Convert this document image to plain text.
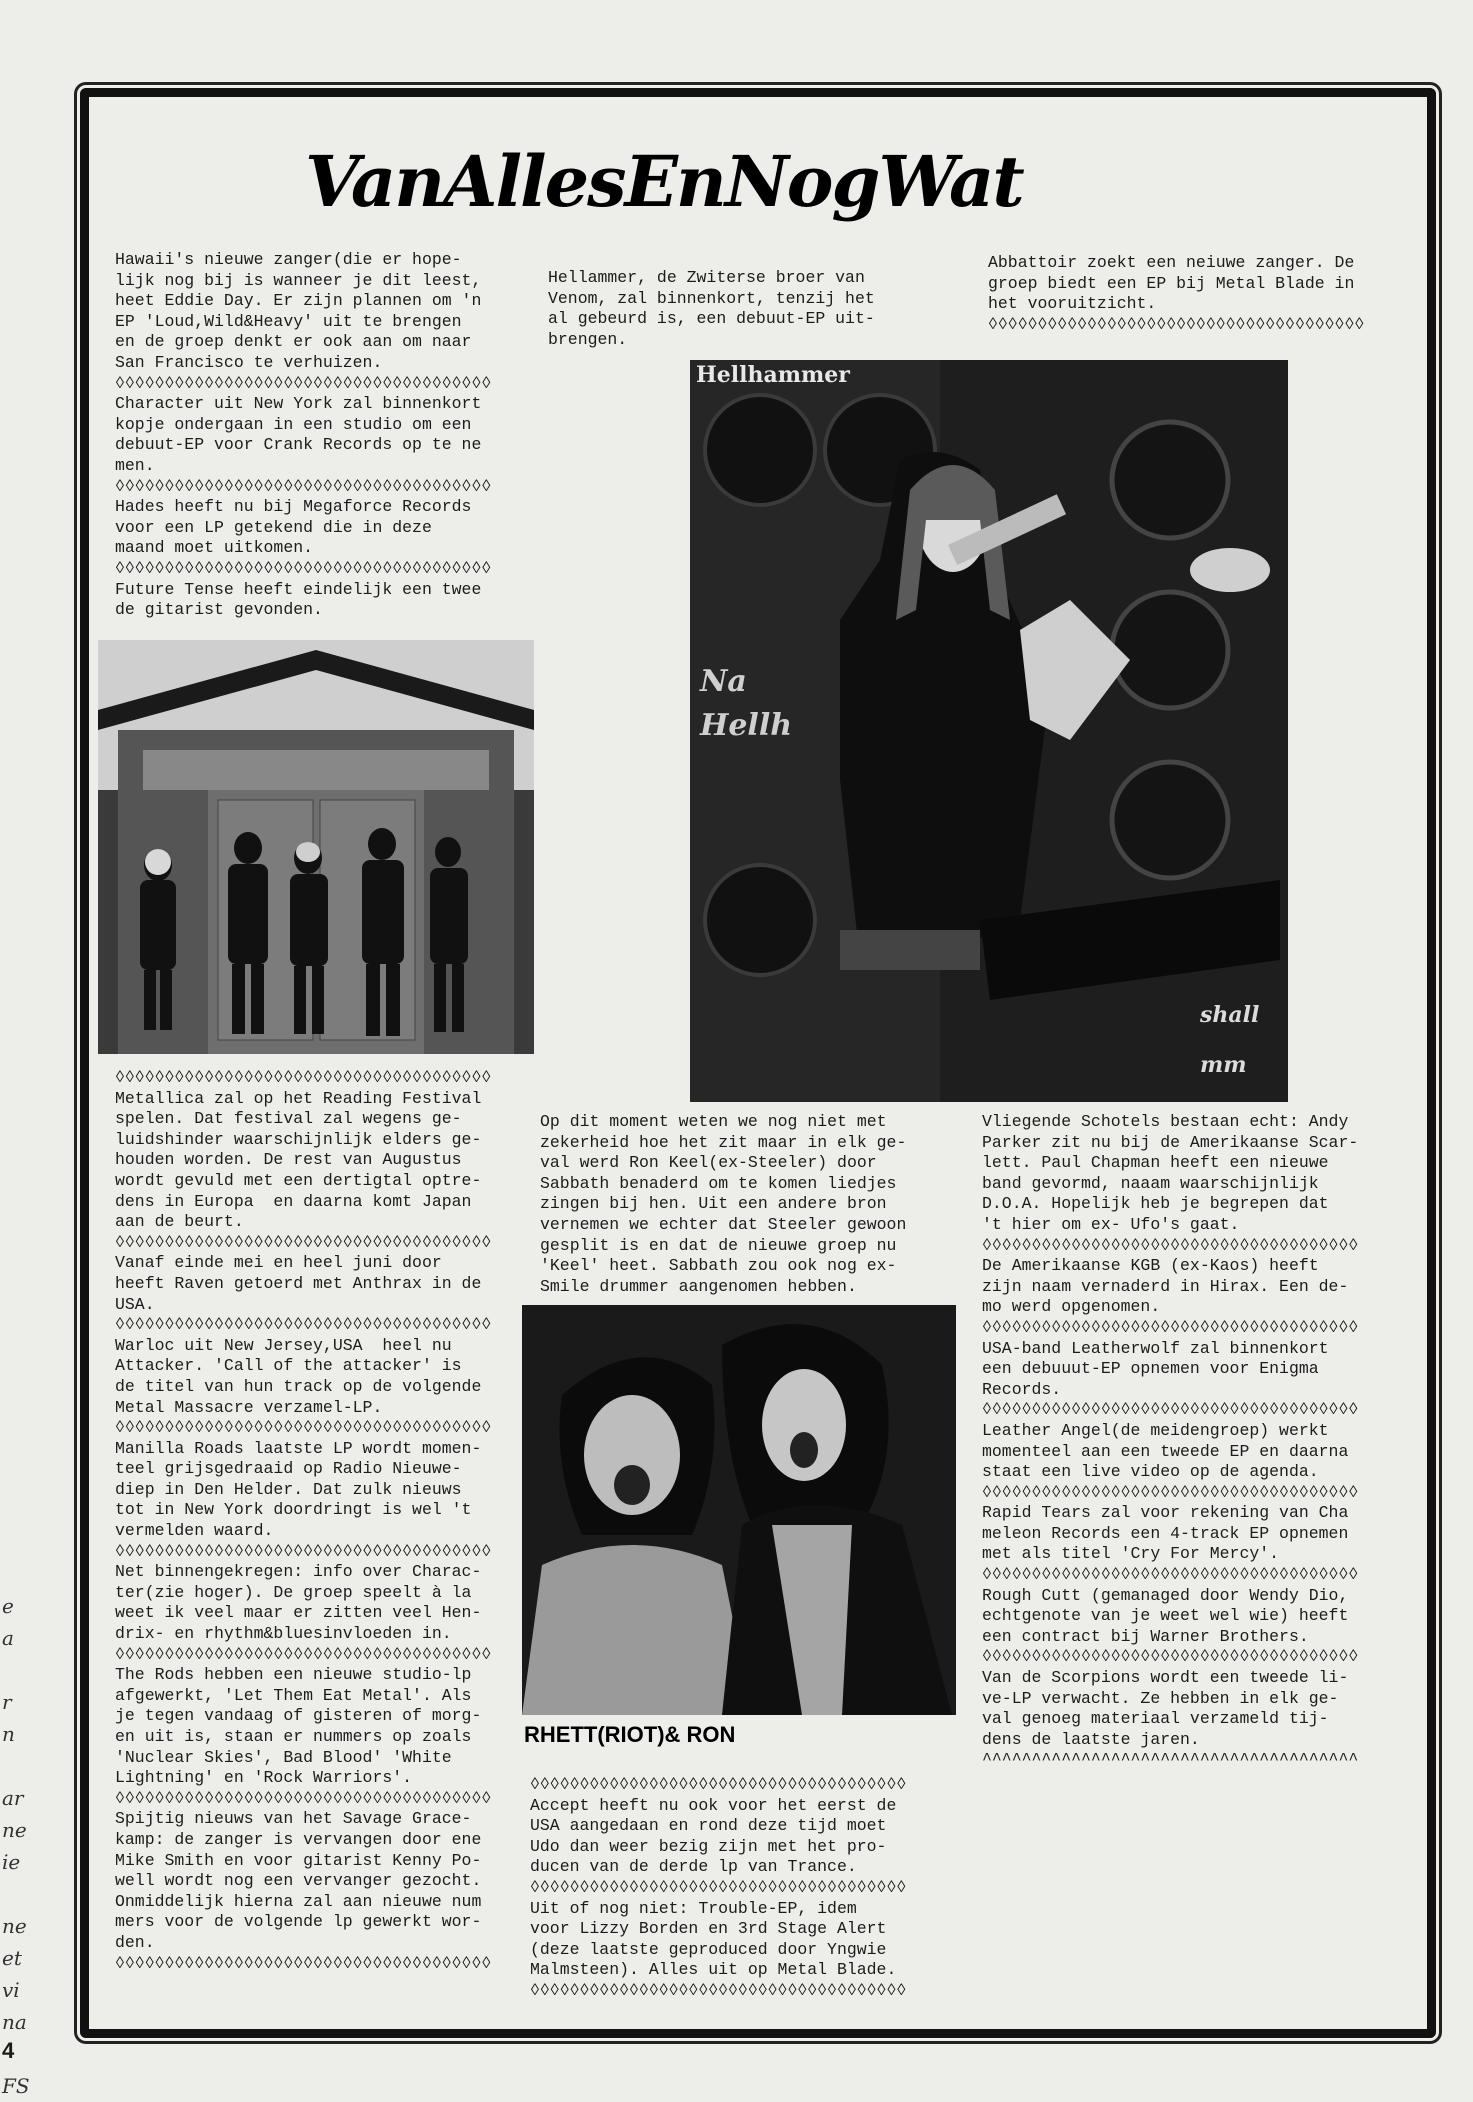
VanAllesEnNogWat
Hawaii's nieuwe zanger(die er hope-
lijk nog bij is wanneer je dit leest,
heet Eddie Day. Er zijn plannen om 'n
EP 'Loud,Wild&Heavy' uit te brengen
en de groep denkt er ook aan om naar
San Francisco te verhuizen.
◊◊◊◊◊◊◊◊◊◊◊◊◊◊◊◊◊◊◊◊◊◊◊◊◊◊◊◊◊◊◊◊◊◊◊◊◊◊
Character uit New York zal binnenkort
kopje ondergaan in een studio om een
debuut-EP voor Crank Records op te ne
men.
◊◊◊◊◊◊◊◊◊◊◊◊◊◊◊◊◊◊◊◊◊◊◊◊◊◊◊◊◊◊◊◊◊◊◊◊◊◊
Hades heeft nu bij Megaforce Records
voor een LP getekend die in deze
maand moet uitkomen.
◊◊◊◊◊◊◊◊◊◊◊◊◊◊◊◊◊◊◊◊◊◊◊◊◊◊◊◊◊◊◊◊◊◊◊◊◊◊
Future Tense heeft eindelijk een twee
de gitarist gevonden.
◊◊◊◊◊◊◊◊◊◊◊◊◊◊◊◊◊◊◊◊◊◊◊◊◊◊◊◊◊◊◊◊◊◊◊◊◊◊
Metallica zal op het Reading Festival
spelen. Dat festival zal wegens ge-
luidshinder waarschijnlijk elders ge-
houden worden. De rest van Augustus
wordt gevuld met een dertigtal optre-
dens in Europa  en daarna komt Japan
aan de beurt.
◊◊◊◊◊◊◊◊◊◊◊◊◊◊◊◊◊◊◊◊◊◊◊◊◊◊◊◊◊◊◊◊◊◊◊◊◊◊
Vanaf einde mei en heel juni door
heeft Raven getoerd met Anthrax in de
USA.
◊◊◊◊◊◊◊◊◊◊◊◊◊◊◊◊◊◊◊◊◊◊◊◊◊◊◊◊◊◊◊◊◊◊◊◊◊◊
Warloc uit New Jersey,USA  heel nu
Attacker. 'Call of the attacker' is
de titel van hun track op de volgende
Metal Massacre verzamel-LP.
◊◊◊◊◊◊◊◊◊◊◊◊◊◊◊◊◊◊◊◊◊◊◊◊◊◊◊◊◊◊◊◊◊◊◊◊◊◊
Manilla Roads laatste LP wordt momen-
teel grijsgedraaid op Radio Nieuwe-
diep in Den Helder. Dat zulk nieuws
tot in New York doordringt is wel 't
vermelden waard.
◊◊◊◊◊◊◊◊◊◊◊◊◊◊◊◊◊◊◊◊◊◊◊◊◊◊◊◊◊◊◊◊◊◊◊◊◊◊
Net binnengekregen: info over Charac-
ter(zie hoger). De groep speelt à la
weet ik veel maar er zitten veel Hen-
drix- en rhythm&bluesinvloeden in.
◊◊◊◊◊◊◊◊◊◊◊◊◊◊◊◊◊◊◊◊◊◊◊◊◊◊◊◊◊◊◊◊◊◊◊◊◊◊
The Rods hebben een nieuwe studio-lp
afgewerkt, 'Let Them Eat Metal'. Als
je tegen vandaag of gisteren of morg-
en uit is, staan er nummers op zoals
'Nuclear Skies', Bad Blood' 'White
Lightning' en 'Rock Warriors'.
◊◊◊◊◊◊◊◊◊◊◊◊◊◊◊◊◊◊◊◊◊◊◊◊◊◊◊◊◊◊◊◊◊◊◊◊◊◊
Spijtig nieuws van het Savage Grace-
kamp: de zanger is vervangen door ene
Mike Smith en voor gitarist Kenny Po-
well wordt nog een vervanger gezocht.
Onmiddelijk hierna zal aan nieuwe num
mers voor de volgende lp gewerkt wor-
den.
◊◊◊◊◊◊◊◊◊◊◊◊◊◊◊◊◊◊◊◊◊◊◊◊◊◊◊◊◊◊◊◊◊◊◊◊◊◊
Hellammer, de Zwiterse broer van
Venom, zal binnenkort, tenzij het
al gebeurd is, een debuut-EP uit-
brengen.
Hellhammer
Na
Hellh
shall
mm
Op dit moment weten we nog niet met
zekerheid hoe het zit maar in elk ge-
val werd Ron Keel(ex-Steeler) door
Sabbath benaderd om te komen liedjes
zingen bij hen. Uit een andere bron
vernemen we echter dat Steeler gewoon
gesplit is en dat de nieuwe groep nu
'Keel' heet. Sabbath zou ook nog ex-
Smile drummer aangenomen hebben.
RHETT(RIOT)& RON
◊◊◊◊◊◊◊◊◊◊◊◊◊◊◊◊◊◊◊◊◊◊◊◊◊◊◊◊◊◊◊◊◊◊◊◊◊◊
Accept heeft nu ook voor het eerst de
USA aangedaan en rond deze tijd moet
Udo dan weer bezig zijn met het pro-
ducen van de derde lp van Trance.
◊◊◊◊◊◊◊◊◊◊◊◊◊◊◊◊◊◊◊◊◊◊◊◊◊◊◊◊◊◊◊◊◊◊◊◊◊◊
Uit of nog niet: Trouble-EP, idem
voor Lizzy Borden en 3rd Stage Alert
(deze laatste geproduced door Yngwie
Malmsteen). Alles uit op Metal Blade.
◊◊◊◊◊◊◊◊◊◊◊◊◊◊◊◊◊◊◊◊◊◊◊◊◊◊◊◊◊◊◊◊◊◊◊◊◊◊
Abbattoir zoekt een neiuwe zanger. De
groep biedt een EP bij Metal Blade in
het vooruitzicht.
◊◊◊◊◊◊◊◊◊◊◊◊◊◊◊◊◊◊◊◊◊◊◊◊◊◊◊◊◊◊◊◊◊◊◊◊◊◊
Vliegende Schotels bestaan echt: Andy
Parker zit nu bij de Amerikaanse Scar-
lett. Paul Chapman heeft een nieuwe
band gevormd, naaam waarschijnlijk
D.O.A. Hopelijk heb je begrepen dat
't hier om ex- Ufo's gaat.
◊◊◊◊◊◊◊◊◊◊◊◊◊◊◊◊◊◊◊◊◊◊◊◊◊◊◊◊◊◊◊◊◊◊◊◊◊◊
De Amerikaanse KGB (ex-Kaos) heeft
zijn naam vernaderd in Hirax. Een de-
mo werd opgenomen.
◊◊◊◊◊◊◊◊◊◊◊◊◊◊◊◊◊◊◊◊◊◊◊◊◊◊◊◊◊◊◊◊◊◊◊◊◊◊
USA-band Leatherwolf zal binnenkort
een debuuut-EP opnemen voor Enigma
Records.
◊◊◊◊◊◊◊◊◊◊◊◊◊◊◊◊◊◊◊◊◊◊◊◊◊◊◊◊◊◊◊◊◊◊◊◊◊◊
Leather Angel(de meidengroep) werkt
momenteel aan een tweede EP en daarna
staat een live video op de agenda.
◊◊◊◊◊◊◊◊◊◊◊◊◊◊◊◊◊◊◊◊◊◊◊◊◊◊◊◊◊◊◊◊◊◊◊◊◊◊
Rapid Tears zal voor rekening van Cha
meleon Records een 4-track EP opnemen
met als titel 'Cry For Mercy'.
◊◊◊◊◊◊◊◊◊◊◊◊◊◊◊◊◊◊◊◊◊◊◊◊◊◊◊◊◊◊◊◊◊◊◊◊◊◊
Rough Cutt (gemanaged door Wendy Dio,
echtgenote van je weet wel wie) heeft
een contract bij Warner Brothers.
◊◊◊◊◊◊◊◊◊◊◊◊◊◊◊◊◊◊◊◊◊◊◊◊◊◊◊◊◊◊◊◊◊◊◊◊◊◊
Van de Scorpions wordt een tweede li-
ve-LP verwacht. Ze hebben in elk ge-
val genoeg materiaal verzameld tij-
dens de laatste jaren.
^^^^^^^^^^^^^^^^^^^^^^^^^^^^^^^^^^^^^^
e
a

r
n

ar
ne
ie

ne
et
vi
na

FS
4
